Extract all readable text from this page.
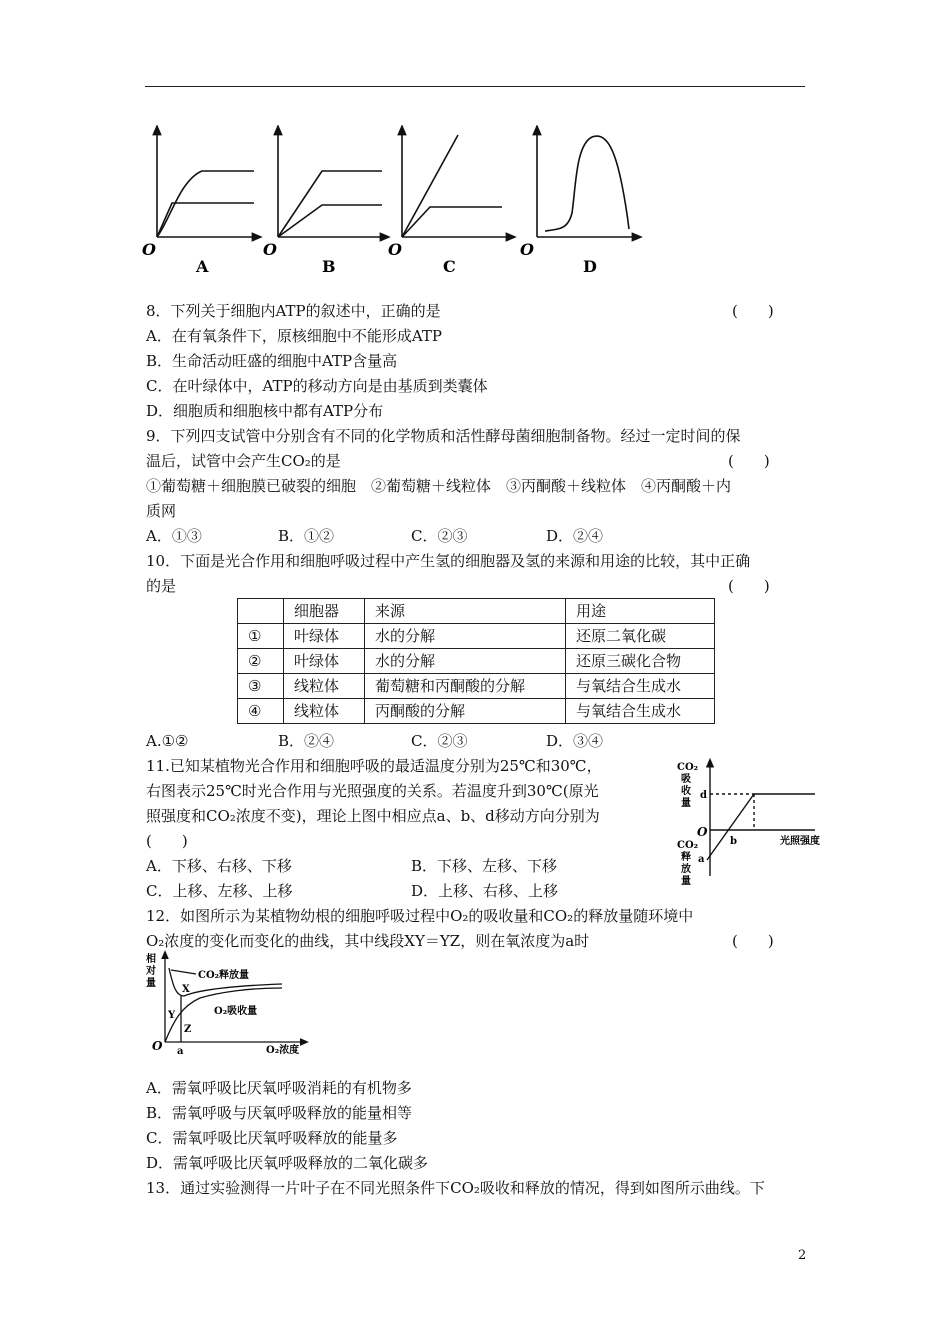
O	O	O	O
A	B	C	D
8．下列关于细胞内ATP的叙述中，正确的是	(　　)
A．在有氧条件下，原核细胞中不能形成ATP
B．生命活动旺盛的细胞中ATP含量高
C．在叶绿体中，ATP的移动方向是由基质到类囊体
D．细胞质和细胞核中都有ATP分布
9．下列四支试管中分别含有不同的化学物质和活性酵母菌细胞制备物。经过一定时间的保
温后，试管中会产生CO₂的是	(　　)
①葡萄糖＋细胞膜已破裂的细胞　②葡萄糖＋线粒体　③丙酮酸＋线粒体　④丙酮酸＋内
质网
A．①③	B．①②	C．②③	D．②④
10．下面是光合作用和细胞呼吸过程中产生氢的细胞器及氢的来源和用途的比较，其中正确
的是	(　　)
	细胞器	来源	用途
①	叶绿体	水的分解	还原二氧化碳
②	叶绿体	水的分解	还原三碳化合物
③	线粒体	葡萄糖和丙酮酸的分解	与氧结合生成水
④	线粒体	丙酮酸的分解	与氧结合生成水
A.①②	B．②④	C．②③	D．③④
11.已知某植物光合作用和细胞呼吸的最适温度分别为25℃和30℃，
右图表示25℃时光合作用与光照强度的关系。若温度升到30℃(原光
照强度和CO₂浓度不变)，理论上图中相应点a、b、d移动方向分别为
(　　)
A．下移、右移、下移	B．下移、左移、下移
C．上移、左移、上移	D．上移、右移、上移
CO₂
吸
收
量
CO₂
释
放
量
光照强度
b
d
a
O
12．如图所示为某植物幼根的细胞呼吸过程中O₂的吸收量和CO₂的释放量随环境中
O₂浓度的变化而变化的曲线，其中线段XY＝YZ，则在氧浓度为a时	(　　)
相
对
量
CO₂释放量
O₂吸收量
O₂浓度
X
Y
Z
a
O
A．需氧呼吸比厌氧呼吸消耗的有机物多
B．需氧呼吸与厌氧呼吸释放的能量相等
C．需氧呼吸比厌氧呼吸释放的能量多
D．需氧呼吸比厌氧呼吸释放的二氧化碳多
13．通过实验测得一片叶子在不同光照条件下CO₂吸收和释放的情况，得到如图所示曲线。下
2
